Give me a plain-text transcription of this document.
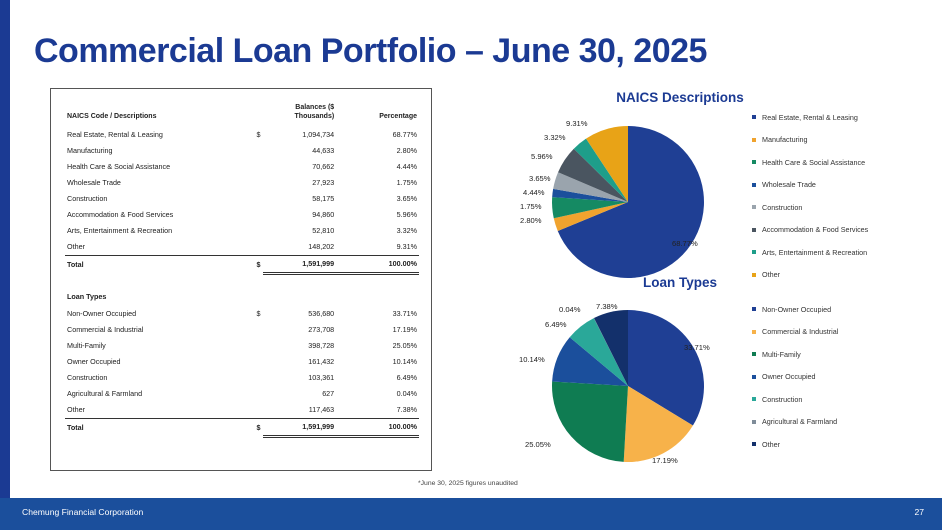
Commercial Loan Portfolio – June 30, 2025
NAICS Code / Descriptions		Balances ($
Thousands)	Percentage
Real Estate, Rental & Leasing	$	1,094,734	68.77%
Manufacturing		44,633	2.80%
Health Care & Social Assistance		70,662	4.44%
Wholesale Trade		27,923	1.75%
Construction		58,175	3.65%
Accommodation & Food Services		94,860	5.96%
Arts, Entertainment & Recreation		52,810	3.32%
Other		148,202	9.31%
Total	$	1,591,999	100.00%
Loan Types			
Non-Owner Occupied	$	536,680	33.71%
Commercial & Industrial		273,708	17.19%
Multi-Family		398,728	25.05%
Owner Occupied		161,432	10.14%
Construction		103,361	6.49%
Agricultural & Farmland		627	0.04%
Other		117,463	7.38%
Total	$	1,591,999	100.00%
NAICS Descriptions
Real Estate, Rental & Leasing
Manufacturing
Health Care & Social Assistance
Wholesale Trade
Construction
Accommodation & Food Services
Arts, Entertainment & Recreation
Other
Loan Types
Non-Owner Occupied
Commercial & Industrial
Multi-Family
Owner Occupied
Construction
Agricultural & Farmland
Other
*June 30, 2025 figures unaudited
Chemung Financial Corporation	27
68.77%
2.80%
1.75%
4.44%
3.65%
5.96%
3.32%
9.31%
33.71%
17.19%
25.05%
10.14%
6.49%
0.04% 7.38%
